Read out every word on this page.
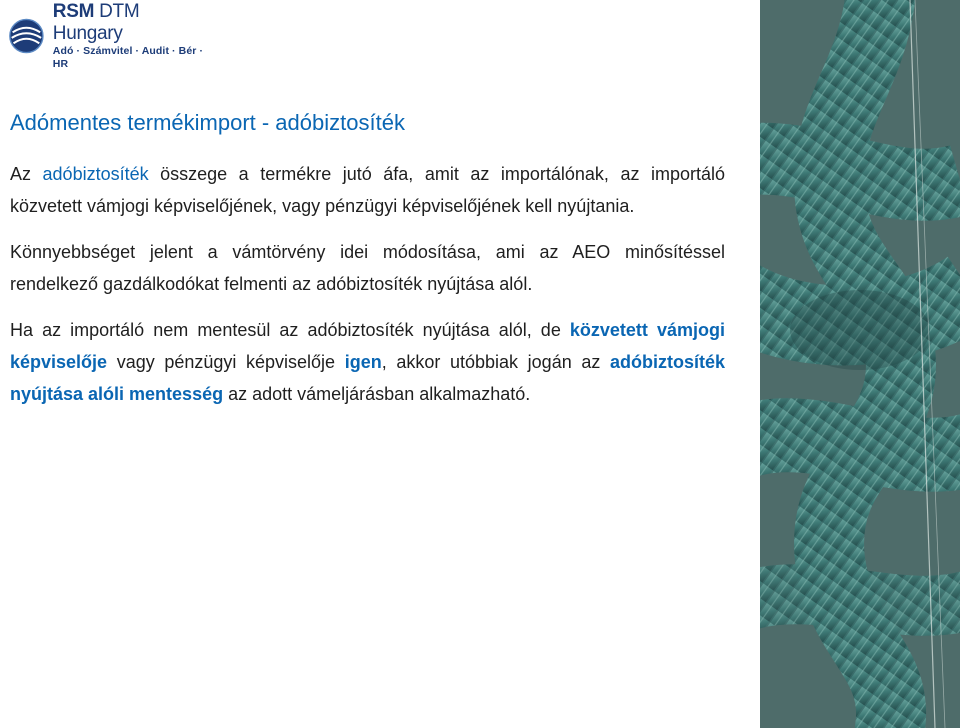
RSM DTM Hungary
Adó · Számvitel · Audit · Bér · HR
Adómentes termékimport - adóbiztosíték

Az adóbiztosíték összege a termékre jutó áfa, amit az importálónak, az importáló közvetett vámjogi képviselőjének, vagy pénzügyi képviselőjének kell nyújtania.

Könnyebbséget jelent a vámtörvény idei módosítása, ami az AEO minősítéssel rendelkező gazdálkodókat felmenti az adóbiztosíték nyújtása alól.

Ha az importáló nem mentesül az adóbiztosíték nyújtása alól, de közvetett vámjogi képviselője vagy pénzügyi képviselője igen, akkor utóbbiak jogán az adóbiztosíték nyújtása alóli mentesség az adott vámeljárásban alkalmazható.
